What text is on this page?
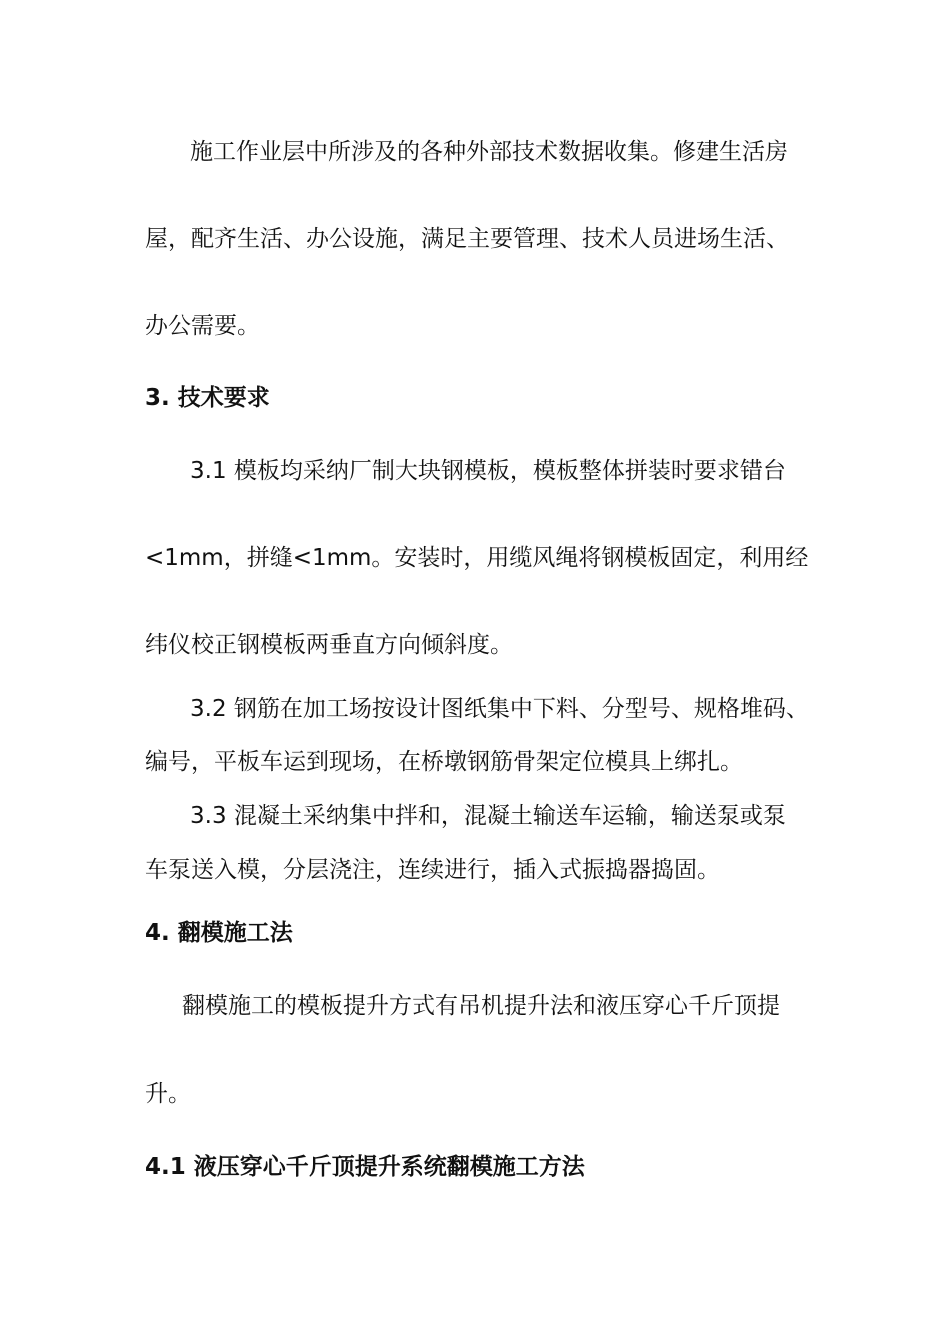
施工作业层中所涉及的各种外部技术数据收集。修建生活房

屋，配齐生活、办公设施，满足主要管理、技术人员进场生活、

办公需要。

3. 技术要求

3.1 模板均采纳厂制大块钢模板，模板整体拼装时要求错台

<1mm，拼缝<1mm。安装时，用缆风绳将钢模板固定，利用经

纬仪校正钢模板两垂直方向倾斜度。

3.2 钢筋在加工场按设计图纸集中下料、分型号、规格堆码、

编号，平板车运到现场，在桥墩钢筋骨架定位模具上绑扎。

3.3 混凝土采纳集中拌和，混凝土输送车运输，输送泵或泵

车泵送入模，分层浇注，连续进行，插入式振捣器捣固。

4. 翻模施工法

翻模施工的模板提升方式有吊机提升法和液压穿心千斤顶提

升。

4.1 液压穿心千斤顶提升系统翻模施工方法
